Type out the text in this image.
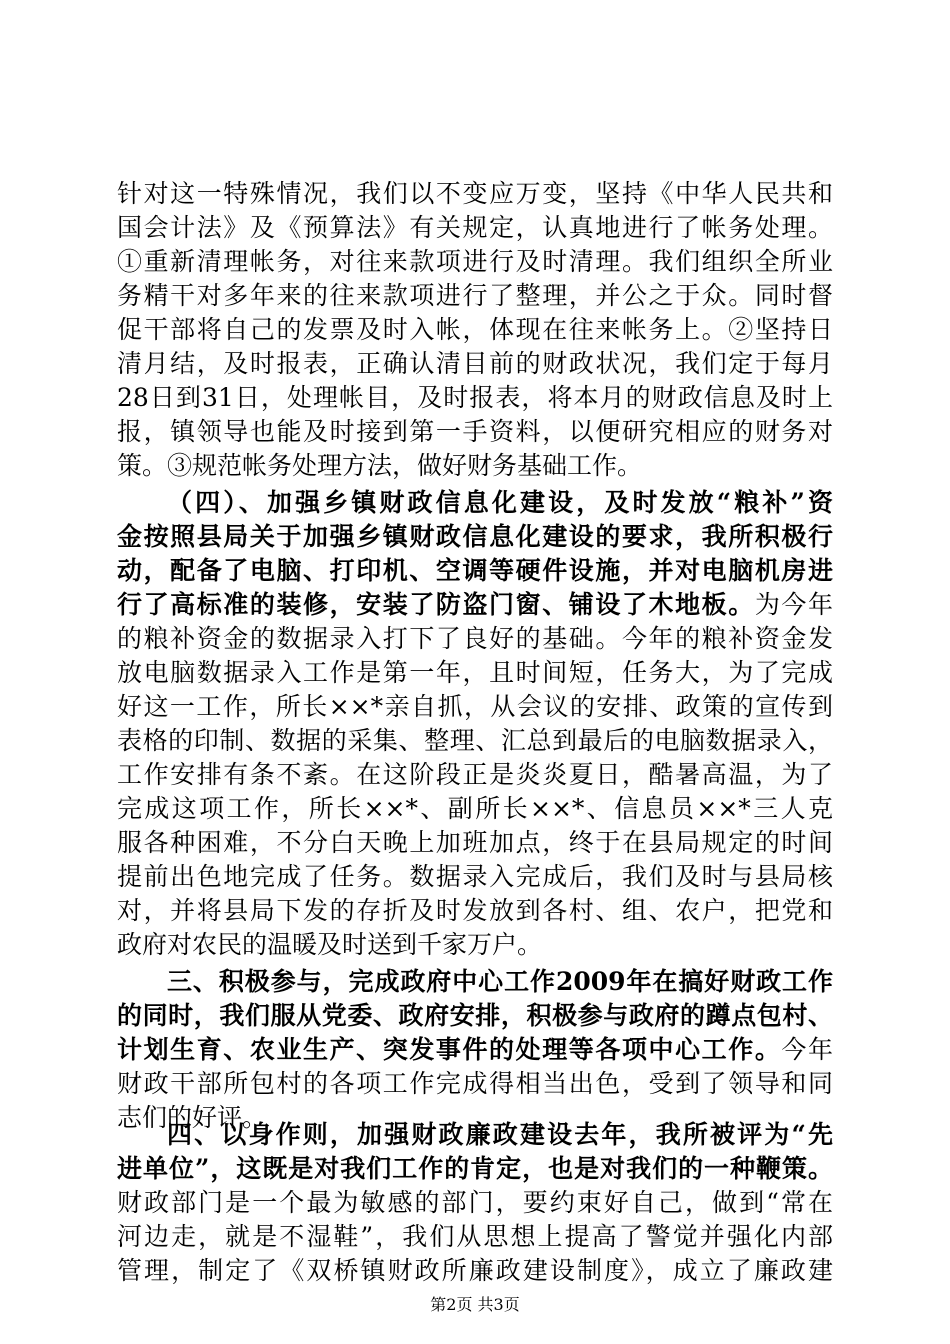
针对这一特殊情况，我们以不变应万变，坚持《中华人民共和
国会计法》及《预算法》有关规定，认真地进行了帐务处理。
①重新清理帐务，对往来款项进行及时清理。我们组织全所业
务精干对多年来的往来款项进行了整理，并公之于众。同时督
促干部将自己的发票及时入帐，体现在往来帐务上。②坚持日
清月结，及时报表，正确认清目前的财政状况，我们定于每月
28日到31日，处理帐目，及时报表，将本月的财政信息及时上
报，镇领导也能及时接到第一手资料，以便研究相应的财务对
策。③规范帐务处理方法，做好财务基础工作。
（四）、加强乡镇财政信息化建设，及时发放“粮补”资
金按照县局关于加强乡镇财政信息化建设的要求，我所积极行
动，配备了电脑、打印机、空调等硬件设施，并对电脑机房进
行了高标准的装修，安装了防盗门窗、铺设了木地板。为今年
的粮补资金的数据录入打下了良好的基础。今年的粮补资金发
放电脑数据录入工作是第一年，且时间短，任务大，为了完成
好这一工作，所长××*亲自抓，从会议的安排、政策的宣传到
表格的印制、数据的采集、整理、汇总到最后的电脑数据录入，
工作安排有条不紊。在这阶段正是炎炎夏日，酷暑高温，为了
完成这项工作，所长××*、副所长××*、信息员××*三人克
服各种困难，不分白天晚上加班加点，终于在县局规定的时间
提前出色地完成了任务。数据录入完成后，我们及时与县局核
对，并将县局下发的存折及时发放到各村、组、农户，把党和
政府对农民的温暖及时送到千家万户。
三、积极参与，完成政府中心工作2009年在搞好财政工作
的同时，我们服从党委、政府安排，积极参与政府的蹲点包村、
计划生育、农业生产、突发事件的处理等各项中心工作。今年
财政干部所包村的各项工作完成得相当出色，受到了领导和同
志们的好评。
四、以身作则，加强财政廉政建设去年，我所被评为“先
进单位”，这既是对我们工作的肯定，也是对我们的一种鞭策。
财政部门是一个最为敏感的部门，要约束好自己，做到“常在
河边走，就是不湿鞋”，我们从思想上提高了警觉并强化内部
第2页 共3页
管理，制定了《双桥镇财政所廉政建设制度》，成立了廉政建
